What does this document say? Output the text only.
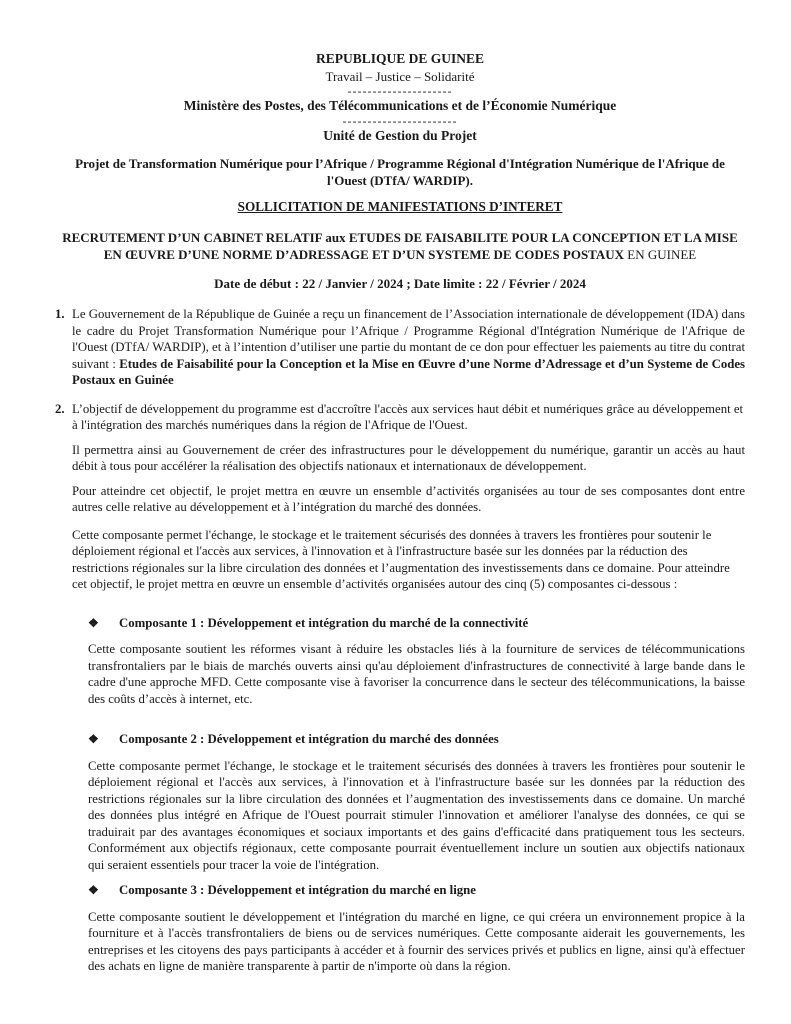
REPUBLIQUE DE GUINEE
Travail – Justice – Solidarité
---------------------
Ministère des Postes, des Télécommunications et de l’Économie Numérique
-----------------------
Unité de Gestion du Projet
Projet de Transformation Numérique pour l’Afrique / Programme Régional d'Intégration Numérique de l'Afrique de l'Ouest (DTfA/ WARDIP).
SOLLICITATION DE MANIFESTATIONS D’INTERET
RECRUTEMENT D’UN CABINET RELATIF aux ETUDES DE FAISABILITE POUR LA CONCEPTION ET LA MISE EN ŒUVRE D’UNE NORME D’ADRESSAGE ET D’UN SYSTEME DE CODES POSTAUX EN GUINEE
Date de début : 22 / Janvier / 2024 ; Date limite : 22 / Février / 2024
1. Le Gouvernement de la République de Guinée a reçu un financement de l’Association internationale de développement (IDA) dans le cadre du Projet Transformation Numérique pour l’Afrique / Programme Régional d'Intégration Numérique de l'Afrique de l'Ouest (DTfA/ WARDIP), et à l’intention d’utiliser une partie du montant de ce don pour effectuer les paiements au titre du contrat suivant : Etudes de Faisabilité pour la Conception et la Mise en Œuvre d’une Norme d’Adressage et d’un Systeme de Codes Postaux en Guinée
2. L’objectif de développement du programme est d'accroître l'accès aux services haut débit et numériques grâce au développement et à l'intégration des marchés numériques dans la région de l'Afrique de l'Ouest.
Il permettra ainsi au Gouvernement de créer des infrastructures pour le développement du numérique, garantir un accès au haut débit à tous pour accélérer la réalisation des objectifs nationaux et internationaux de développement.
Pour atteindre cet objectif, le projet mettra en œuvre un ensemble d’activités organisées au tour de ses composantes dont entre autres celle relative au développement et à l’intégration du marché des données.
Cette composante permet l'échange, le stockage et le traitement sécurisés des données à travers les frontières pour soutenir le déploiement régional et l'accès aux services, à l'innovation et à l'infrastructure basée sur les données par la réduction des restrictions régionales sur la libre circulation des données et l’augmentation des investissements dans ce domaine. Pour atteindre cet objectif, le projet mettra en œuvre un ensemble d’activités organisées autour des cinq (5) composantes ci-dessous :
❖	Composante 1 : Développement et intégration du marché de la connectivité
Cette composante soutient les réformes visant à réduire les obstacles liés à la fourniture de services de télécommunications transfrontaliers par le biais de marchés ouverts ainsi qu'au déploiement d'infrastructures de connectivité à large bande dans le cadre d'une approche MFD. Cette composante vise à favoriser la concurrence dans le secteur des télécommunications, la baisse des coûts d’accès à internet, etc.
❖	Composante 2 : Développement et intégration du marché des données
Cette composante permet l'échange, le stockage et le traitement sécurisés des données à travers les frontières pour soutenir le déploiement régional et l'accès aux services, à l'innovation et à l'infrastructure basée sur les données par la réduction des restrictions régionales sur la libre circulation des données et l’augmentation des investissements dans ce domaine. Un marché des données plus intégré en Afrique de l'Ouest pourrait stimuler l'innovation et améliorer l'analyse des données, ce qui se traduirait par des avantages économiques et sociaux importants et des gains d'efficacité dans pratiquement tous les secteurs. Conformément aux objectifs régionaux, cette composante pourrait éventuellement inclure un soutien aux objectifs nationaux qui seraient essentiels pour tracer la voie de l'intégration.
❖	Composante 3 : Développement et intégration du marché en ligne
Cette composante soutient le développement et l'intégration du marché en ligne, ce qui créera un environnement propice à la fourniture et à l'accès transfrontaliers de biens ou de services numériques. Cette composante aiderait les gouvernements, les entreprises et les citoyens des pays participants à accéder et à fournir des services privés et publics en ligne, ainsi qu'à effectuer des achats en ligne de manière transparente à partir de n'importe où dans la région.
